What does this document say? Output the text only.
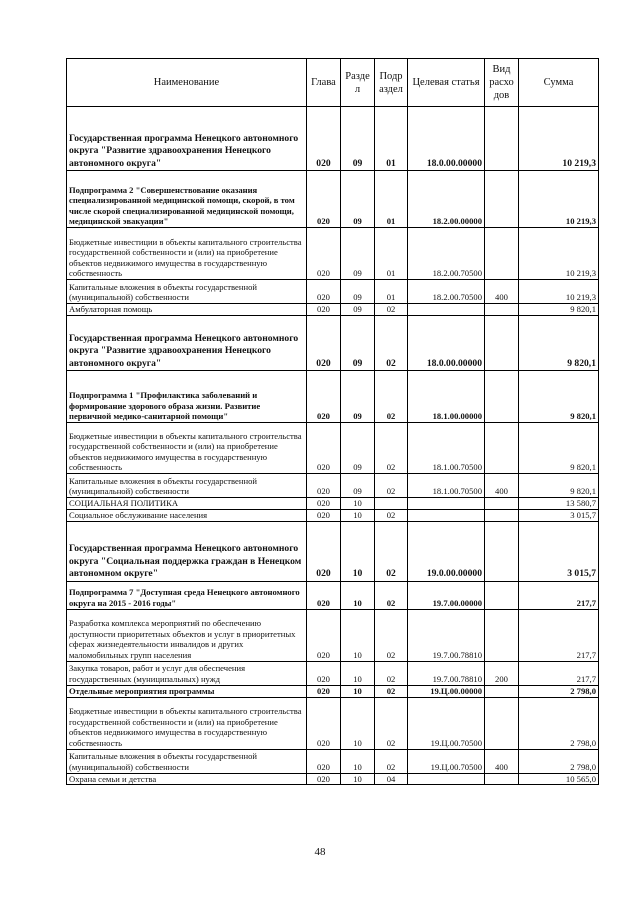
Наименование	Глава	Разде л	Подр аздел	Целевая статья	Вид расхо дов	Сумма
Государственная программа Ненецкого автономного округа "Развитие здравоохранения Ненецкого автономного округа"	020	09	01	18.0.00.00000		10 219,3
Подпрограмма 2 "Совершенствование оказания специализированной медицинской помощи, скорой, в том числе скорой специализированной медицинской помощи, медицинской эвакуации"	020	09	01	18.2.00.00000		10 219,3
Бюджетные инвестиции в объекты капитального строительства государственной собственности и (или) на приобретение объектов недвижимого имущества в государственную собственность	020	09	01	18.2.00.70500		10 219,3
Капитальные вложения в объекты государственной (муниципальной) собственности	020	09	01	18.2.00.70500	400	10 219,3
Амбулаторная помощь	020	09	02			9 820,1
Государственная программа Ненецкого автономного округа "Развитие здравоохранения Ненецкого автономного округа"	020	09	02	18.0.00.00000		9 820,1
Подпрограмма 1 "Профилактика заболеваний и формирование здорового образа жизни. Развитие первичной медико-санитарной помощи"	020	09	02	18.1.00.00000		9 820,1
Бюджетные инвестиции в объекты капитального строительства государственной собственности и (или) на приобретение объектов недвижимого имущества в государственную собственность	020	09	02	18.1.00.70500		9 820,1
Капитальные вложения в объекты государственной (муниципальной) собственности	020	09	02	18.1.00.70500	400	9 820,1
СОЦИАЛЬНАЯ ПОЛИТИКА	020	10				13 580,7
Социальное обслуживание населения	020	10	02			3 015,7
Государственная программа Ненецкого автономного округа "Социальная поддержка граждан в Ненецком автономном округе"	020	10	02	19.0.00.00000		3 015,7
Подпрограмма 7 "Доступная среда Ненецкого автономного округа на 2015 - 2016 годы"	020	10	02	19.7.00.00000		217,7
Разработка комплекса мероприятий по обеспечению доступности приоритетных объектов и услуг в приоритетных сферах жизнедеятельности инвалидов и других маломобильных групп населения	020	10	02	19.7.00.78810		217,7
Закупка товаров, работ и услуг для обеспечения государственных (муниципальных) нужд	020	10	02	19.7.00.78810	200	217,7
Отдельные мероприятия программы	020	10	02	19.Ц.00.00000		2 798,0
Бюджетные инвестиции в объекты капитального строительства государственной собственности и (или) на приобретение объектов недвижимого имущества в государственную собственность	020	10	02	19.Ц.00.70500		2 798,0
Капитальные вложения в объекты государственной (муниципальной) собственности	020	10	02	19.Ц.00.70500	400	2 798,0
Охрана семьи и детства	020	10	04			10 565,0
48
